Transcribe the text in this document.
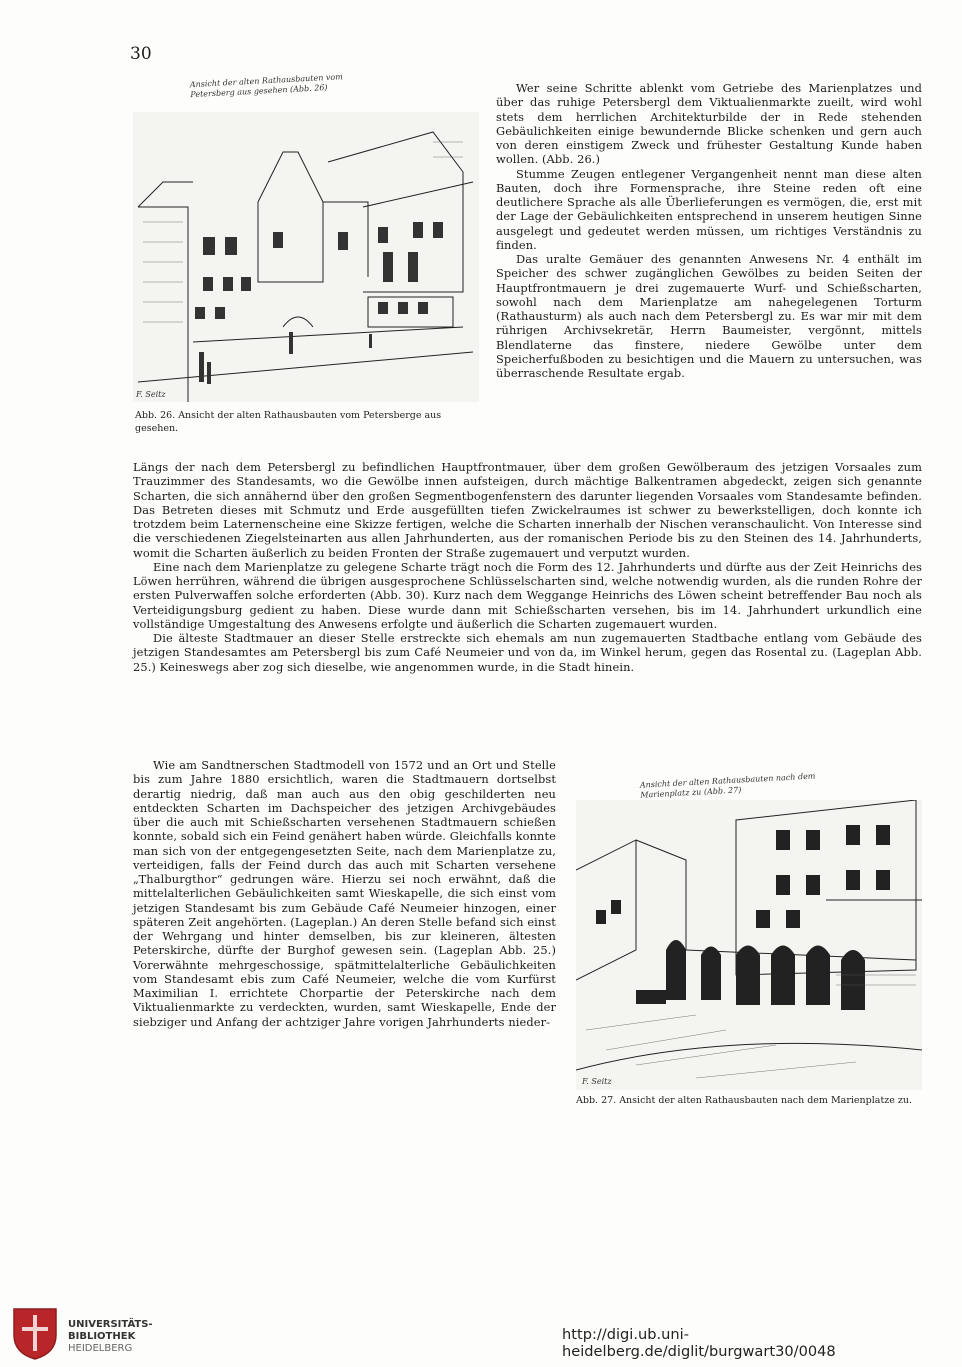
30
Ansicht der alten Rathausbauten vom Petersberg aus gesehen (Abb. 26)
F. Seitz
Abb. 26. Ansicht der alten Rathausbauten vom Petersberge aus gesehen.
Ansicht der alten Rathausbauten nach dem Marienplatz zu (Abb. 27)
F. Seitz
Abb. 27. Ansicht der alten Rathausbauten nach dem Marienplatze zu.

Wer seine Schritte ablenkt vom Getriebe des Marienplatzes und über das ruhige Petersbergl dem Viktualienmarkte zueilt, wird wohl stets dem herrlichen Architekturbilde der in Rede stehenden Gebäulichkeiten einige bewundernde Blicke schenken und gern auch von deren einstigem Zweck und frühester Gestaltung Kunde haben wollen. (Abb. 26.)

Stumme Zeugen entlegener Vergangenheit nennt man diese alten Bauten, doch ihre Formensprache, ihre Steine reden oft eine deutlichere Sprache als alle Überlieferungen es vermögen, die, erst mit der Lage der Gebäulichkeiten entsprechend in unserem heutigen Sinne ausgelegt und gedeutet werden müssen, um richtiges Verständnis zu finden.

Das uralte Gemäuer des genannten Anwesens Nr. 4 enthält im Speicher des schwer zugänglichen Gewölbes zu beiden Seiten der Hauptfrontmauern je drei zugemauerte Wurf- und Schießscharten, sowohl nach dem Marienplatze am nahegelegenen Torturm (Rathausturm) als auch nach dem Petersbergl zu. Es war mir mit dem rührigen Archivsekretär, Herrn Baumeister, vergönnt, mittels Blendlaterne das finstere, niedere Gewölbe unter dem Speicherfußboden zu besichtigen und die Mauern zu untersuchen, was überraschende Resultate ergab.

Längs der nach dem Petersbergl zu befindlichen Hauptfrontmauer, über dem großen Gewölberaum des jetzigen Vorsaales zum Trauzimmer des Standesamts, wo die Gewölbe innen aufsteigen, durch mächtige Balkentramen abgedeckt, zeigen sich genannte Scharten, die sich annähernd über den großen Segmentbogenfenstern des darunter liegenden Vorsaales vom Standesamte befinden. Das Betreten dieses mit Schmutz und Erde ausgefüllten tiefen Zwickelraumes ist schwer zu bewerkstelligen, doch konnte ich trotzdem beim Laternenscheine eine Skizze fertigen, welche die Scharten innerhalb der Nischen veranschaulicht. Von Interesse sind die verschiedenen Ziegelsteinarten aus allen Jahrhunderten, aus der romanischen Periode bis zu den Steinen des 14. Jahrhunderts, womit die Scharten äußerlich zu beiden Fronten der Straße zugemauert und verputzt wurden.

Eine nach dem Marienplatze zu gelegene Scharte trägt noch die Form des 12. Jahrhunderts und dürfte aus der Zeit Heinrichs des Löwen herrühren, während die übrigen ausgesprochene Schlüsselscharten sind, welche notwendig wurden, als die runden Rohre der ersten Pulverwaffen solche erforderten (Abb. 30). Kurz nach dem Weggange Heinrichs des Löwen scheint betreffender Bau noch als Verteidigungsburg gedient zu haben. Diese wurde dann mit Schießscharten versehen, bis im 14. Jahrhundert urkundlich eine vollständige Umgestaltung des Anwesens erfolgte und äußerlich die Scharten zugemauert wurden.

Die älteste Stadtmauer an dieser Stelle erstreckte sich ehemals am nun zugemauerten Stadtbache entlang vom Gebäude des jetzigen Standesamtes am Petersbergl bis zum Café Neumeier und von da, im Winkel herum, gegen das Rosental zu. (Lageplan Abb. 25.) Keineswegs aber zog sich dieselbe, wie angenommen wurde, in die Stadt hinein.

Wie am Sandtnerschen Stadtmodell von 1572 und an Ort und Stelle bis zum Jahre 1880 ersichtlich, waren die Stadtmauern dortselbst derartig niedrig, daß man auch aus den obig geschilderten neu entdeckten Scharten im Dachspeicher des jetzigen Archivgebäudes über die auch mit Schießscharten versehenen Stadtmauern schießen konnte, sobald sich ein Feind genähert haben würde. Gleichfalls konnte man sich von der entgegengesetzten Seite, nach dem Marienplatze zu, verteidigen, falls der Feind durch das auch mit Scharten versehene „Thalburgthor“ gedrungen wäre. Hierzu sei noch erwähnt, daß die mittelalterlichen Gebäulichkeiten samt Wieskapelle, die sich einst vom jetzigen Standesamt bis zum Gebäude Café Neumeier hinzogen, einer späteren Zeit angehörten. (Lageplan.) An deren Stelle befand sich einst der Wehrgang und hinter demselben, bis zur kleineren, ältesten Peterskirche, dürfte der Burghof gewesen sein. (Lageplan Abb. 25.) Vorerwähnte mehrgeschossige, spätmittelalterliche Gebäulichkeiten vom Standesamt ebis zum Café Neumeier, welche die vom Kurfürst Maximilian I. errichtete Chorpartie der Peterskirche nach dem Viktualienmarkte zu verdeckten, wurden, samt Wieskapelle, Ende der siebziger und Anfang der achtziger Jahre vorigen Jahrhunderts nieder-

UNIVERSITÄTS-
BIBLIOTHEK
HEIDELBERG
http://digi.ub.uni-heidelberg.de/diglit/burgwart30/0048
